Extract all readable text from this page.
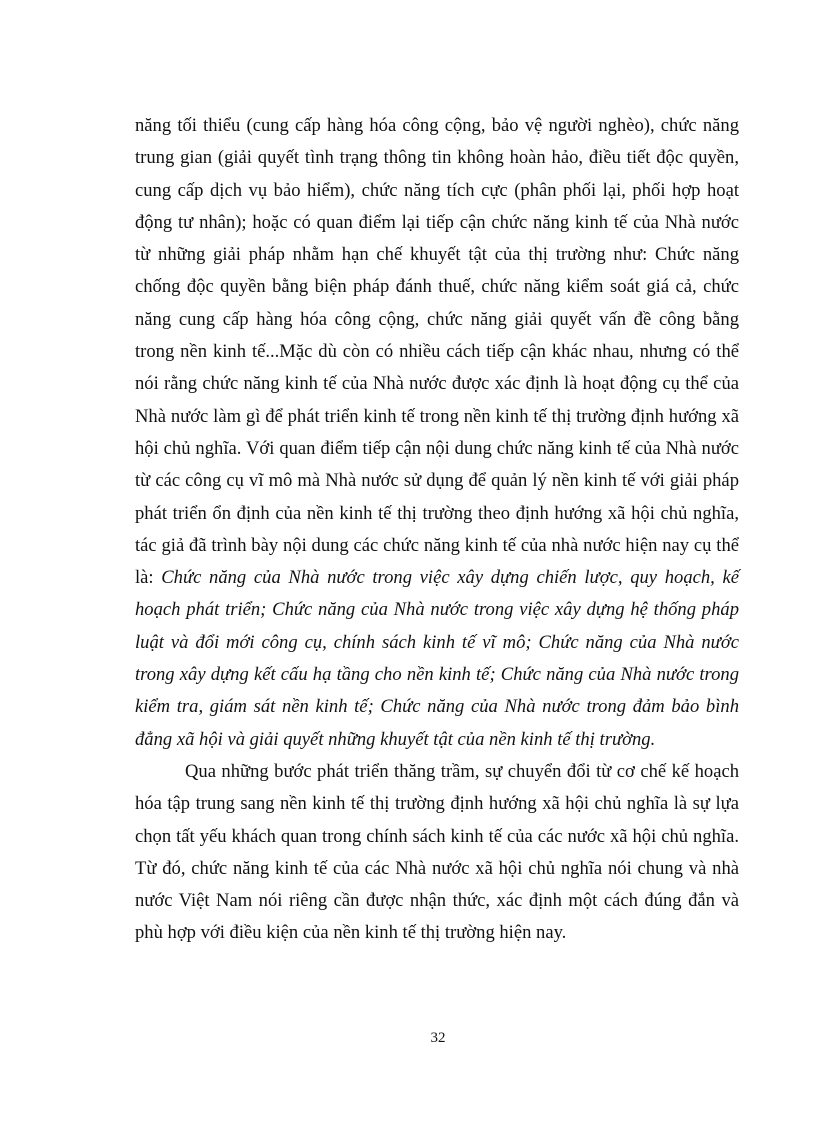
năng tối thiểu (cung cấp hàng hóa công cộng, bảo vệ người nghèo), chức năng trung gian (giải quyết tình trạng thông tin không hoàn hảo, điều tiết độc quyền, cung cấp dịch vụ bảo hiểm), chức năng tích cực (phân phối lại, phối hợp hoạt động tư nhân); hoặc có quan điểm lại tiếp cận chức năng kinh tế của Nhà nước từ những giải pháp nhằm hạn chế khuyết tật của thị trường như: Chức năng chống độc quyền bằng biện pháp đánh thuế, chức năng kiểm soát giá cả, chức năng cung cấp hàng hóa công cộng, chức năng giải quyết vấn đề công bằng trong nền kinh tế...Mặc dù còn có nhiều cách tiếp cận khác nhau, nhưng có thể nói rằng chức năng kinh tế của Nhà nước được xác định là hoạt động cụ thể của Nhà nước làm gì để phát triển kinh tế trong nền kinh tế thị trường định hướng xã hội chủ nghĩa. Với quan điểm tiếp cận nội dung chức năng kinh tế của Nhà nước từ các công cụ vĩ mô mà Nhà nước sử dụng để quản lý nền kinh tế với giải pháp phát triển ổn định của nền kinh tế thị trường theo định hướng xã hội chủ nghĩa, tác giả đã trình bày nội dung các chức năng kinh tế của nhà nước hiện nay cụ thể là: Chức năng của Nhà nước trong việc xây dựng chiến lược, quy hoạch, kế hoạch phát triển; Chức năng của Nhà nước trong việc xây dựng hệ thống pháp luật và đổi mới công cụ, chính sách kinh tế vĩ mô; Chức năng của Nhà nước trong xây dựng kết cấu hạ tầng cho nền kinh tế; Chức năng của Nhà nước trong kiểm tra, giám sát nền kinh tế; Chức năng của Nhà nước trong đảm bảo bình đẳng xã hội và giải quyết những khuyết tật của nền kinh tế thị trường.

Qua những bước phát triển thăng trầm, sự chuyển đổi từ cơ chế kế hoạch hóa tập trung sang nền kinh tế thị trường định hướng xã hội chủ nghĩa là sự lựa chọn tất yếu khách quan trong chính sách kinh tế của các nước xã hội chủ nghĩa. Từ đó, chức năng kinh tế của các Nhà nước xã hội chủ nghĩa nói chung và nhà nước Việt Nam nói riêng cần được nhận thức, xác định một cách đúng đắn và phù hợp với điều kiện của nền kinh tế thị trường hiện nay.

32
